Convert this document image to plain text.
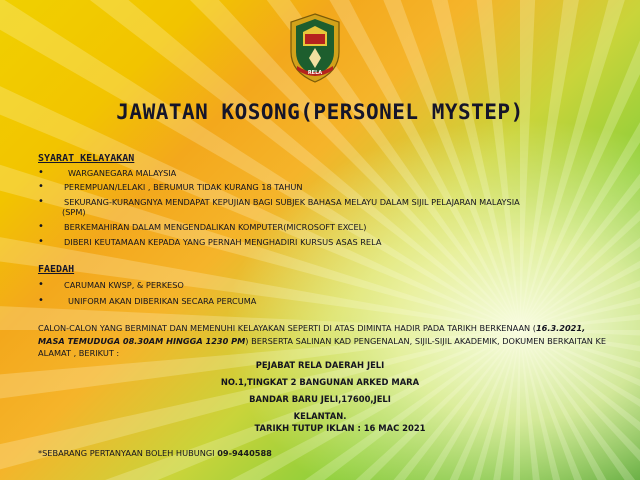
RELA
JAWATAN KOSONG(PERSONEL MYSTEP)
SYARAT KELAYAKAN
• WARGANEGARA MALAYSIA
• PEREMPUAN/LELAKI , BERUMUR TIDAK KURANG 18 TAHUN
• SEKURANG-KURANGNYA MENDAPAT KEPUJIAN BAGI SUBJEK BAHASA MELAYU DALAM SIJIL PELAJARAN MALAYSIA
(SPM)
• BERKEMAHIRAN DALAM MENGENDALIKAN KOMPUTER(MICROSOFT EXCEL)
• DIBERI KEUTAMAAN KEPADA YANG PERNAH MENGHADIRI KURSUS ASAS RELA
FAEDAH
• CARUMAN KWSP, & PERKESO
• UNIFORM AKAN DIBERIKAN SECARA PERCUMA
CALON-CALON YANG BERMINAT DAN MEMENUHI KELAYAKAN SEPERTI DI ATAS DIMINTA HADIR PADA TARIKH BERKENAAN (16.3.2021, MASA TEMUDUGA 08.30AM HINGGA 1230 PM) BERSERTA SALINAN KAD PENGENALAN, SIJIL-SIJIL AKADEMIK, DOKUMEN BERKAITAN KE ALAMAT , BERIKUT :
PEJABAT RELA DAERAH JELI
NO.1,TINGKAT 2 BANGUNAN ARKED MARA
BANDAR BARU JELI,17600,JELI
KELANTAN.
TARIKH TUTUP IKLAN : 16 MAC 2021
*SEBARANG PERTANYAAN BOLEH HUBUNGI 09-9440588
